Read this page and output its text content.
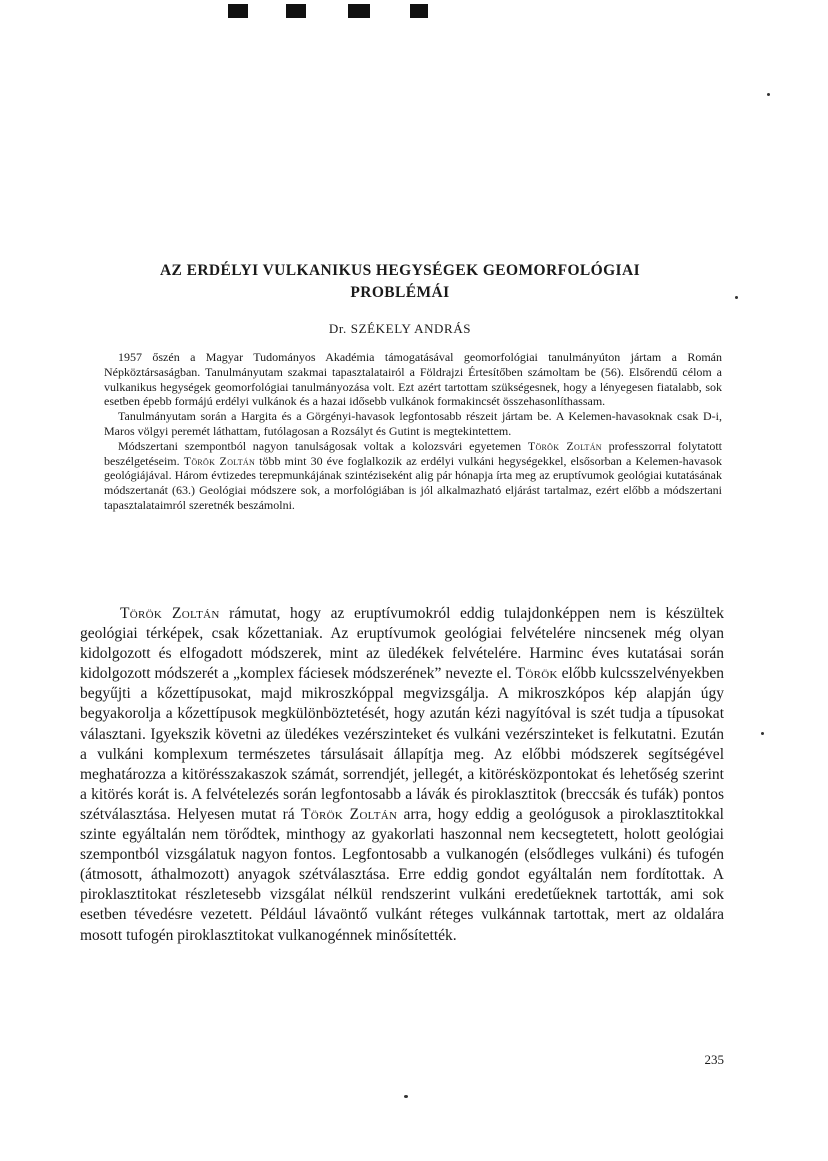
AZ ERDÉLYI VULKANIKUS HEGYSÉGEK GEOMORFOLÓGIAI
PROBLÉMÁI

Dr. SZÉKELY ANDRÁS

1957 őszén a Magyar Tudományos Akadémia támogatásával geomorfológiai tanulmányúton jártam a Román Népköztársaságban. Tanulmányutam szakmai tapasztalatairól a Földrajzi Értesítőben számoltam be (56). Elsőrendű célom a vulkanikus hegységek geomorfológiai tanulmányozása volt. Ezt azért tartottam szükségesnek, hogy a lényegesen fiatalabb, sok esetben épebb formájú erdélyi vulkánok és a hazai idősebb vulkánok formakincsét összehasonlíthassam.

Tanulmányutam során a Hargita és a Görgényi-havasok legfontosabb részeit jártam be. A Kelemen-havasoknak csak D-i, Maros völgyi peremét láthattam, futólagosan a Rozsályt és Gutint is megtekintettem.

Módszertani szempontból nagyon tanulságosak voltak a kolozsvári egyetemen Török Zoltán professzorral folytatott beszélgetéseim. Török Zoltán több mint 30 éve foglalkozik az erdélyi vulkáni hegységekkel, elsősorban a Kelemen-havasok geológiájával. Három évtizedes terepmunkájának szintéziseként alig pár hónapja írta meg az eruptívumok geológiai kutatásának módszertanát (63.) Geológiai módszere sok, a morfológiában is jól alkalmazható eljárást tartalmaz, ezért előbb a módszertani tapasztalataimról szeretnék beszámolni.

Török Zoltán rámutat, hogy az eruptívumokról eddig tulajdonképpen nem is készültek geológiai térképek, csak kőzettaniak. Az eruptívumok geológiai felvételére nincsenek még olyan kidolgozott és elfogadott módszerek, mint az üledékek felvételére. Harminc éves kutatásai során kidolgozott módszerét a „komplex fáciesek módszerének” nevezte el. Török előbb kulcsszelvényekben begyűjti a kőzettípusokat, majd mikroszkóppal megvizsgálja. A mikroszkópos kép alapján úgy begyakorolja a kőzettípusok megkülönböztetését, hogy azután kézi nagyítóval is szét tudja a típusokat választani. Igyekszik követni az üledékes vezérszinteket és vulkáni vezérszinteket is felkutatni. Ezután a vulkáni komplexum természetes társulásait állapítja meg. Az előbbi módszerek segítségével meghatározza a kitörésszakaszok számát, sorrendjét, jellegét, a kitörésközpontokat és lehetőség szerint a kitörés korát is. A felvételezés során legfontosabb a lávák és piroklasztitok (breccsák és tufák) pontos szétválasztása. Helyesen mutat rá Török Zoltán arra, hogy eddig a geológusok a piroklasztitokkal szinte egyáltalán nem törődtek, minthogy az gyakorlati haszonnal nem kecsegtetett, holott geológiai szempontból vizsgálatuk nagyon fontos. Legfontosabb a vulkanogén (elsődleges vulkáni) és tufogén (átmosott, áthalmozott) anyagok szétválasztása. Erre eddig gondot egyáltalán nem fordítottak. A piroklasztitokat részletesebb vizsgálat nélkül rendszerint vulkáni eredetűeknek tartották, ami sok esetben tévedésre vezetett. Például lávaöntő vulkánt réteges vulkánnak tartottak, mert az oldalára mosott tufogén piroklasztitokat vulkanogénnek minősítették.

235
